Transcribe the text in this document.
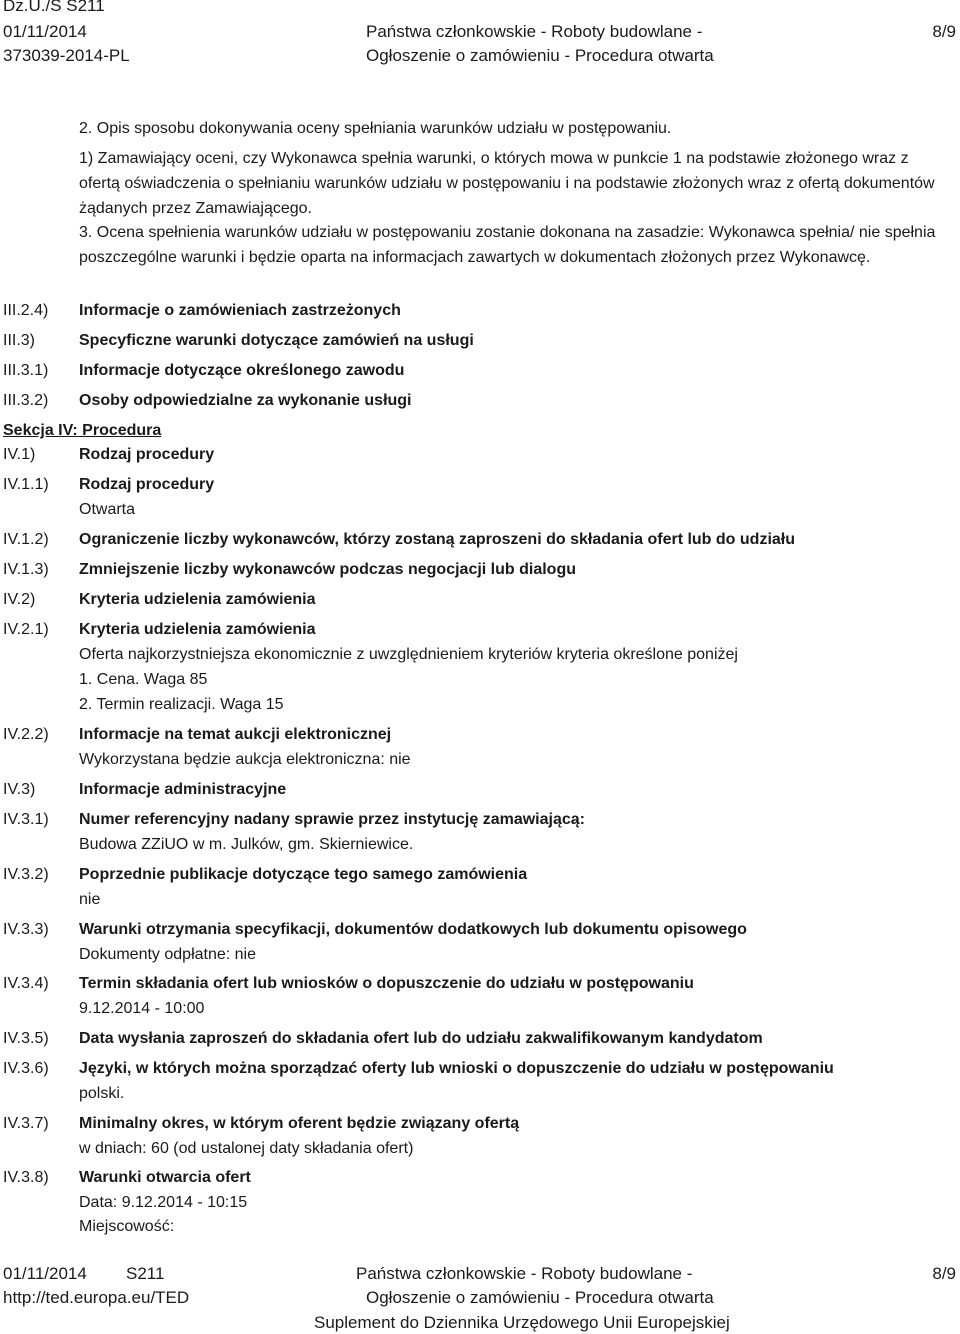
Dz.U./S S211
01/11/2014
373039-2014-PL
Państwa członkowskie - Roboty budowlane -
Ogłoszenie o zamówieniu - Procedura otwarta
8/9
2. Opis sposobu dokonywania oceny spełniania warunków udziału w postępowaniu.
1) Zamawiający oceni, czy Wykonawca spełnia warunki, o których mowa w punkcie 1 na podstawie złożonego wraz z ofertą oświadczenia o spełnianiu warunków udziału w postępowaniu i na podstawie złożonych wraz z ofertą dokumentów żądanych przez Zamawiającego.
3. Ocena spełnienia warunków udziału w postępowaniu zostanie dokonana na zasadzie: Wykonawca spełnia/ nie spełnia poszczególne warunki i będzie oparta na informacjach zawartych w dokumentach złożonych przez Wykonawcę.
III.2.4) Informacje o zamówieniach zastrzeżonych
III.3)	Specyficzne warunki dotyczące zamówień na usługi
III.3.1) Informacje dotyczące określonego zawodu
III.3.2) Osoby odpowiedzialne za wykonanie usługi
Sekcja IV: Procedura
IV.1)	Rodzaj procedury
IV.1.1) Rodzaj procedury
Otwarta
IV.1.2) Ograniczenie liczby wykonawców, którzy zostaną zaproszeni do składania ofert lub do udziału
IV.1.3) Zmniejszenie liczby wykonawców podczas negocjacji lub dialogu
IV.2)	Kryteria udzielenia zamówienia
IV.2.1) Kryteria udzielenia zamówienia
Oferta najkorzystniejsza ekonomicznie z uwzględnieniem kryteriów kryteria określone poniżej
1. Cena. Waga 85
2. Termin realizacji. Waga 15
IV.2.2) Informacje na temat aukcji elektronicznej
Wykorzystana będzie aukcja elektroniczna: nie
IV.3)	Informacje administracyjne
IV.3.1) Numer referencyjny nadany sprawie przez instytucję zamawiającą:
Budowa ZZiUO w m. Julków, gm. Skierniewice.
IV.3.2) Poprzednie publikacje dotyczące tego samego zamówienia
nie
IV.3.3) Warunki otrzymania specyfikacji, dokumentów dodatkowych lub dokumentu opisowego
Dokumenty odpłatne: nie
IV.3.4) Termin składania ofert lub wniosków o dopuszczenie do udziału w postępowaniu
9.12.2014 - 10:00
IV.3.5) Data wysłania zaproszeń do składania ofert lub do udziału zakwalifikowanym kandydatom
IV.3.6) Języki, w których można sporządzać oferty lub wnioski o dopuszczenie do udziału w postępowaniu
polski.
IV.3.7) Minimalny okres, w którym oferent będzie związany ofertą
w dniach: 60 (od ustalonej daty składania ofert)
IV.3.8) Warunki otwarcia ofert
Data: 9.12.2014 - 10:15
Miejscowość:
01/11/2014 S211
http://ted.europa.eu/TED
Państwa członkowskie - Roboty budowlane -
Ogłoszenie o zamówieniu - Procedura otwarta
Suplement do Dziennika Urzędowego Unii Europejskiej
8/9
